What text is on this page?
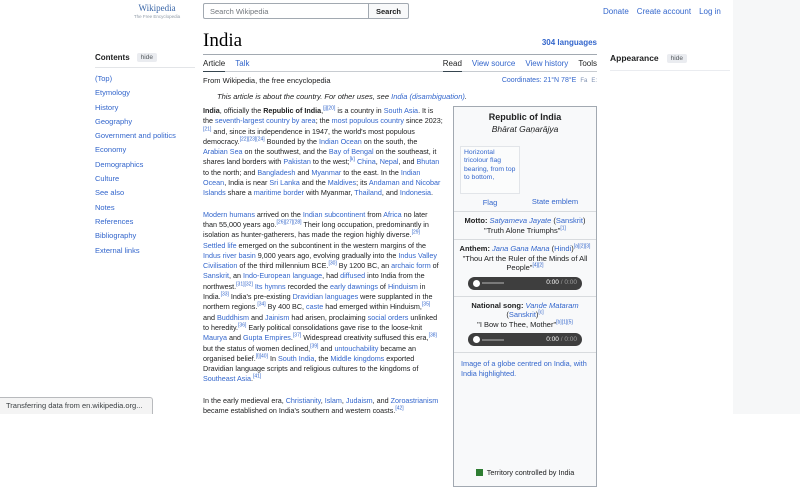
Wikipedia
The Free Encyclopedia
Search Wikipedia
Search	Donate Create account Log in
Contents	hide
(Top)
Etymology
History
Geography
Government and politics
Economy
Demographics
Culture
See also
Notes
References
Bibliography
External links
India	304 languages
Article Talk	Read View source View history Tools
From Wikipedia, the free encyclopedia	Coordinates: 21°N 78°E Fa E:
This article is about the country. For other uses, see India (disambiguation).
Republic of India
Bhārat Gaṇarājya
Horizontal tricolour flag bearing, from top to bottom,
Flag	State emblem
Motto: Satyameva Jayate (Sanskrit)
"Truth Alone Triumphs"[1]
Anthem: Jana Gana Mana (Hindi)[a][2][3]
"Thou Art the Ruler of the Minds of All People"[4][2]
0:00 / 0:00
National song: Vande Mataram (Sanskrit)[c]
"I Bow to Thee, Mother"[b][1][5]
0:00 / 0:00
Image of a globe centred on India, with India highlighted.
Territory controlled by India

India, officially the Republic of India,[j][20] is a country in South Asia. It is the seventh-largest country by area; the most populous country since 2023;[21] and, since its independence in 1947, the world's most populous democracy.[22][23][24] Bounded by the Indian Ocean on the south, the Arabian Sea on the southwest, and the Bay of Bengal on the southeast, it shares land borders with Pakistan to the west;[k] China, Nepal, and Bhutan to the north; and Bangladesh and Myanmar to the east. In the Indian Ocean, India is near Sri Lanka and the Maldives; its Andaman and Nicobar Islands share a maritime border with Myanmar, Thailand, and Indonesia.

Modern humans arrived on the Indian subcontinent from Africa no later than 55,000 years ago.[26][27][28] Their long occupation, predominantly in isolation as hunter-gatherers, has made the region highly diverse.[29] Settled life emerged on the subcontinent in the western margins of the Indus river basin 9,000 years ago, evolving gradually into the Indus Valley Civilisation of the third millennium BCE.[30] By 1200 BC, an archaic form of Sanskrit, an Indo-European language, had diffused into India from the northwest.[31][32] Its hymns recorded the early dawnings of Hinduism in India.[33] India's pre-existing Dravidian languages were supplanted in the northern regions.[34] By 400 BC, caste had emerged within Hinduism,[35] and Buddhism and Jainism had arisen, proclaiming social orders unlinked to heredity.[36] Early political consolidations gave rise to the loose-knit Maurya and Gupta Empires.[37] Widespread creativity suffused this era,[38] but the status of women declined,[39] and untouchability became an organised belief.[l][40] In South India, the Middle kingdoms exported Dravidian language scripts and religious cultures to the kingdoms of Southeast Asia.[41]

In the early medieval era, Christianity, Islam, Judaism, and Zoroastrianism became established on India's southern and western coasts.[42]

Appearance	hide
Transferring data from en.wikipedia.org...
